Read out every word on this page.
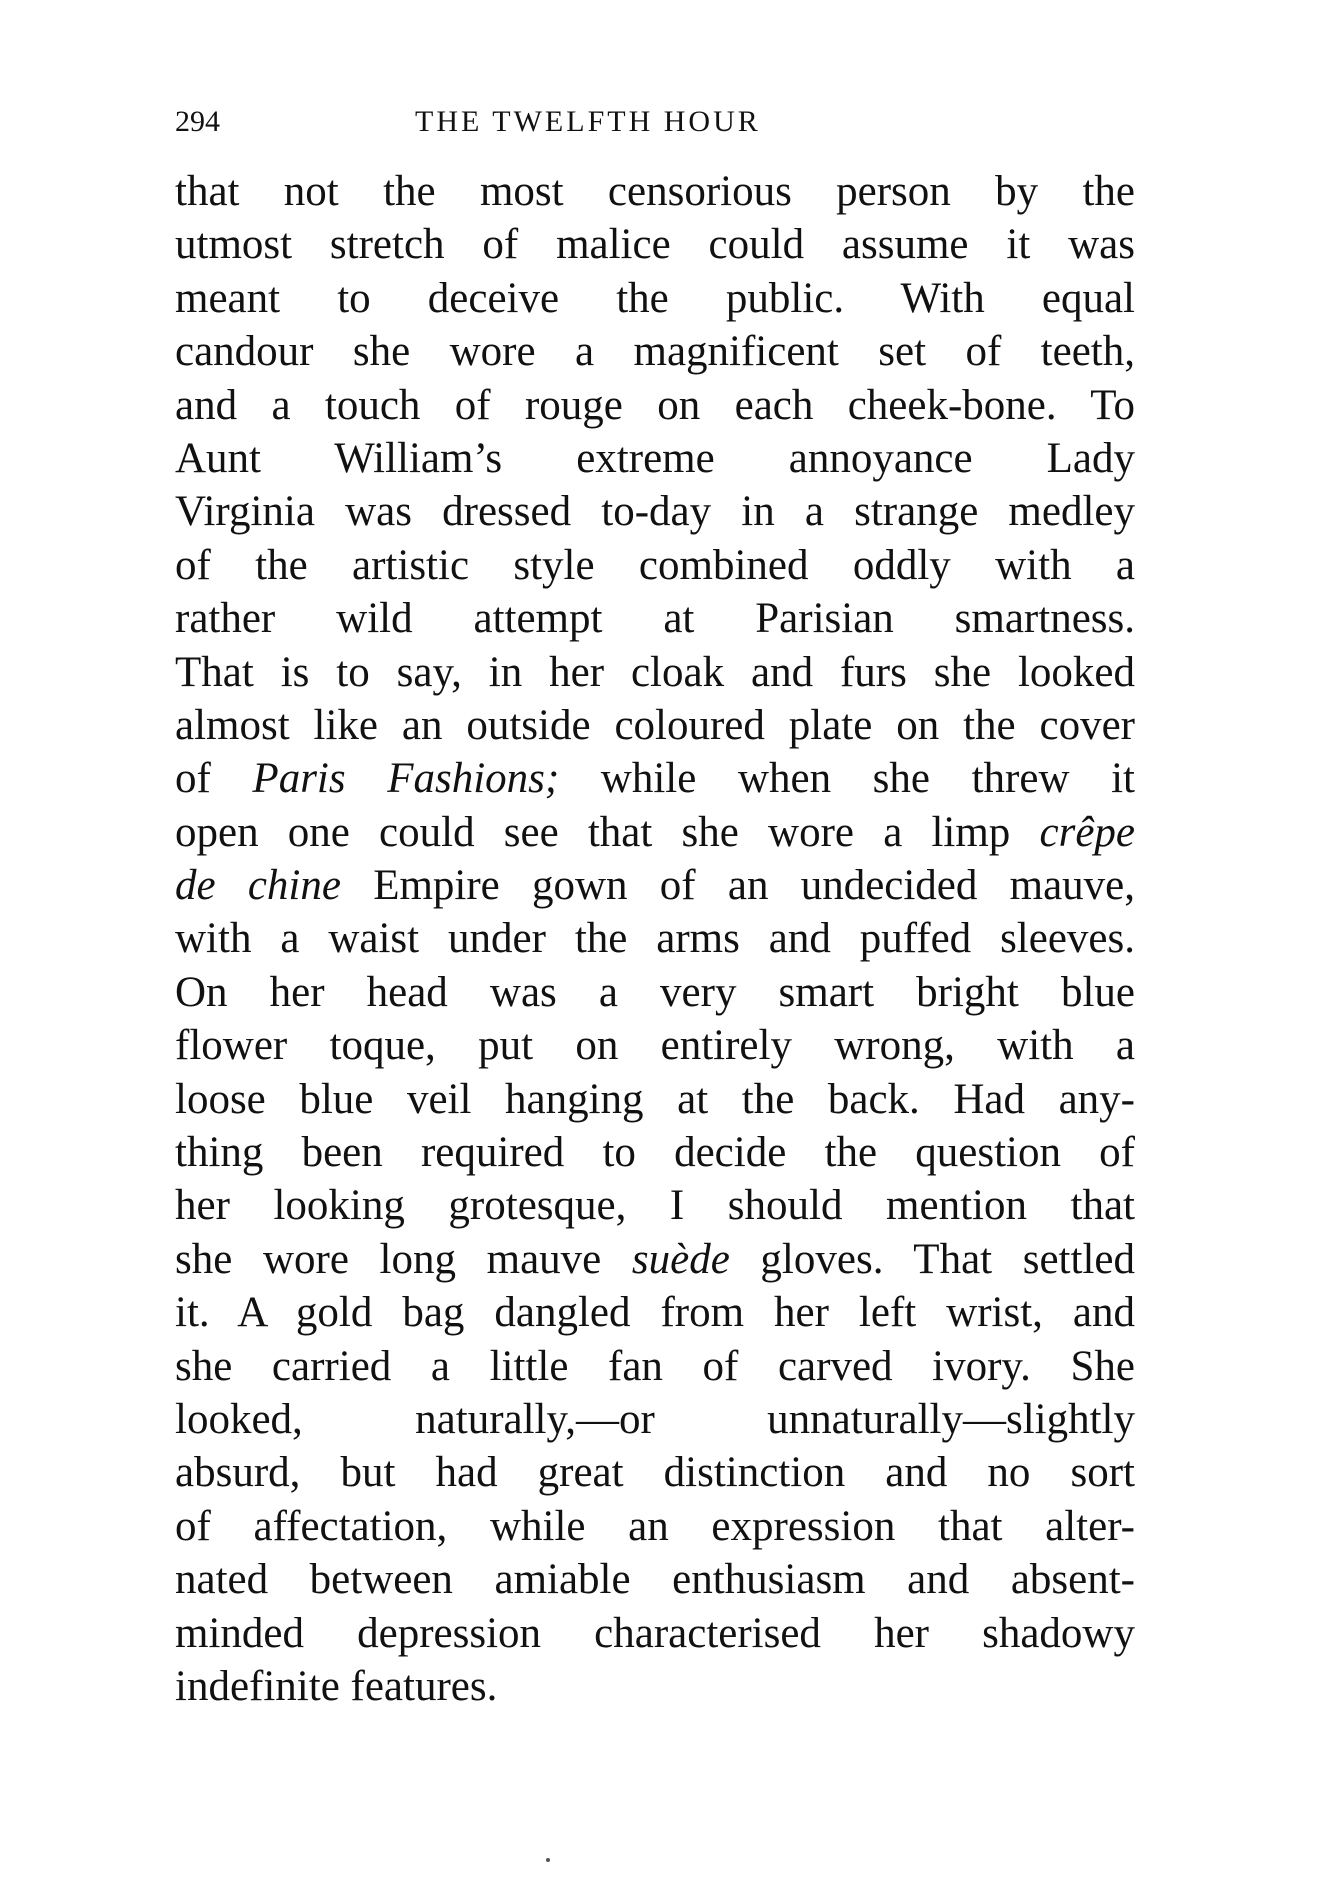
294	THE TWELFTH HOUR
that not the most censorious person by the
utmost stretch of malice could assume it was
meant to deceive the public. With equal
candour she wore a magnificent set of teeth,
and a touch of rouge on each cheek-bone. To
Aunt William’s extreme annoyance Lady
Virginia was dressed to-day in a strange medley
of the artistic style combined oddly with a
rather wild attempt at Parisian smartness.
That is to say, in her cloak and furs she looked
almost like an outside coloured plate on the cover
of Paris Fashions; while when she threw it
open one could see that she wore a limp crêpe
de chine Empire gown of an undecided mauve,
with a waist under the arms and puffed sleeves.
On her head was a very smart bright blue
flower toque, put on entirely wrong, with a
loose blue veil hanging at the back. Had any-
thing been required to decide the question of
her looking grotesque, I should mention that
she wore long mauve suède gloves. That settled
it. A gold bag dangled from her left wrist, and
she carried a little fan of carved ivory. She
looked, naturally,—or unnaturally—slightly
absurd, but had great distinction and no sort
of affectation, while an expression that alter-
nated between amiable enthusiasm and absent-
minded depression characterised her shadowy
indefinite features.
